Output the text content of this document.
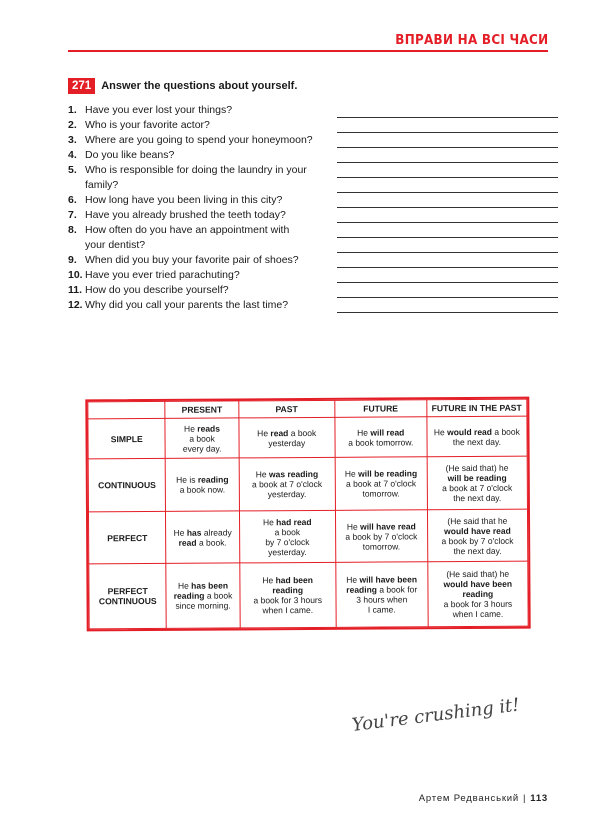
ВПРАВИ НА ВСІ ЧАСИ
271 Answer the questions about yourself.
1. Have you ever lost your things?
2. Who is your favorite actor?
3. Where are you going to spend your honeymoon?
4. Do you like beans?
5. Who is responsible for doing the laundry in your
family?
6. How long have you been living in this city?
7. Have you already brushed the teeth today?
8. How often do you have an appointment with
your dentist?
9. When did you buy your favorite pair of shoes?
10. Have you ever tried parachuting?
11. How do you describe yourself?
12. Why did you call your parents the last time?
	PRESENT	PAST	FUTURE	FUTURE IN THE PAST

SIMPLE	He reads
a book
every day.	He read a book
yesterday	He will read
a book tomorrow.	He would read a book
the next day.

CONTINUOUS	He is reading
a book now.	He was reading
a book at 7 o'clock
yesterday.	He will be reading
a book at 7 o'clock
tomorrow.	(He said that) he
will be reading
a book at 7 o'clock
the next day.

PERFECT	He has already
read a book.	He had read
a book
by 7 o'clock
yesterday.	He will have read
a book by 7 o'clock
tomorrow.	(He said that he
would have read
a book by 7 o'clock
the next day.

PERFECT
CONTINUOUS	He has been
reading a book
since morning.	He had been
reading
a book for 3 hours
when I came.	He will have been
reading a book for
3 hours when
I came.	(He said that) he
would have been
reading
a book for 3 hours
when I came.
You're crushing it!
Артем Редванський | 113
